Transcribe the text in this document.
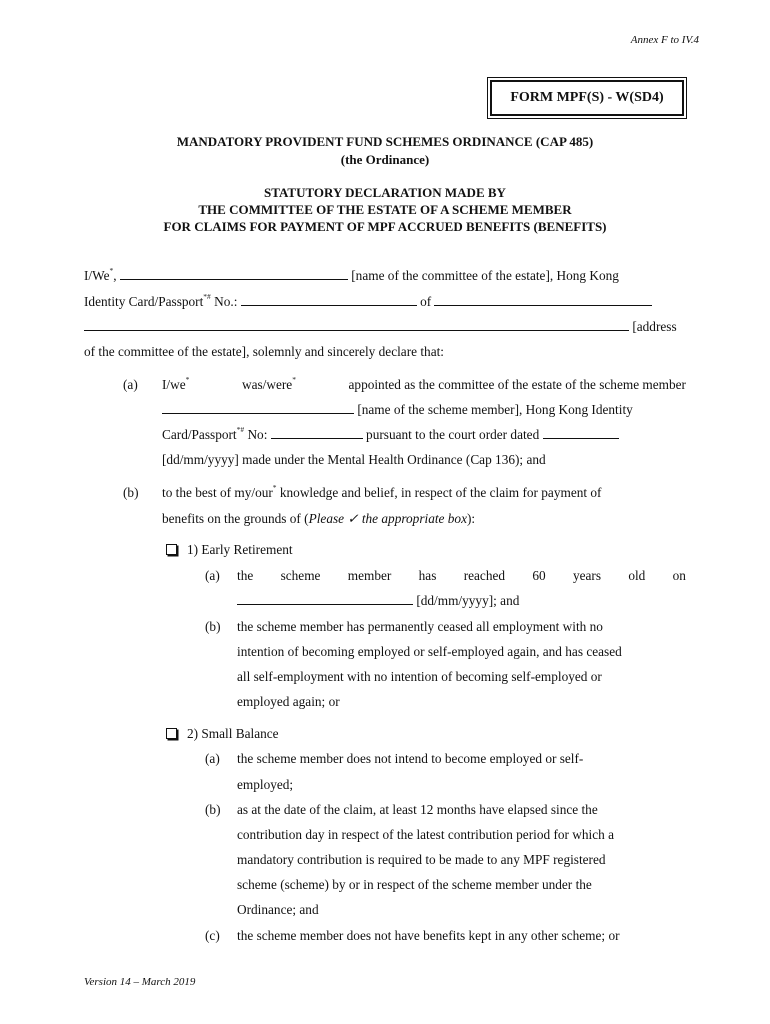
Annex F to IV.4
FORM MPF(S) - W(SD4)
MANDATORY PROVIDENT FUND SCHEMES ORDINANCE (CAP 485)
(the Ordinance)
STATUTORY DECLARATION MADE BY
THE COMMITTEE OF THE ESTATE OF A SCHEME MEMBER
FOR CLAIMS FOR PAYMENT OF MPF ACCRUED BENEFITS (BENEFITS)
I/We*,	[name of the committee of the estate], Hong Kong
Identity Card/Passport*# No.:	of
[address
of the committee of the estate], solemnly and sincerely declare that:
(a) I/we*	was/were*	appointed as the committee of the estate of the scheme member
[name of the scheme member], Hong Kong Identity
Card/Passport*# No:	pursuant to the court order dated
[dd/mm/yyyy] made under the Mental Health Ordinance (Cap 136); and
(b) to the best of my/our* knowledge and belief, in respect of the claim for payment of
benefits on the grounds of (Please ✓ the appropriate box):
1) Early Retirement
(a) the scheme member has reached 60 years old on
[dd/mm/yyyy]; and
(b) the scheme member has permanently ceased all employment with no
intention of becoming employed or self-employed again, and has ceased
all self-employment with no intention of becoming self-employed or
employed again; or
2) Small Balance
(a) the scheme member does not intend to become employed or self-
employed;
(b) as at the date of the claim, at least 12 months have elapsed since the
contribution day in respect of the latest contribution period for which a
mandatory contribution is required to be made to any MPF registered
scheme (scheme) by or in respect of the scheme member under the
Ordinance; and
(c) the scheme member does not have benefits kept in any other scheme; or
Version 14 – March 2019
